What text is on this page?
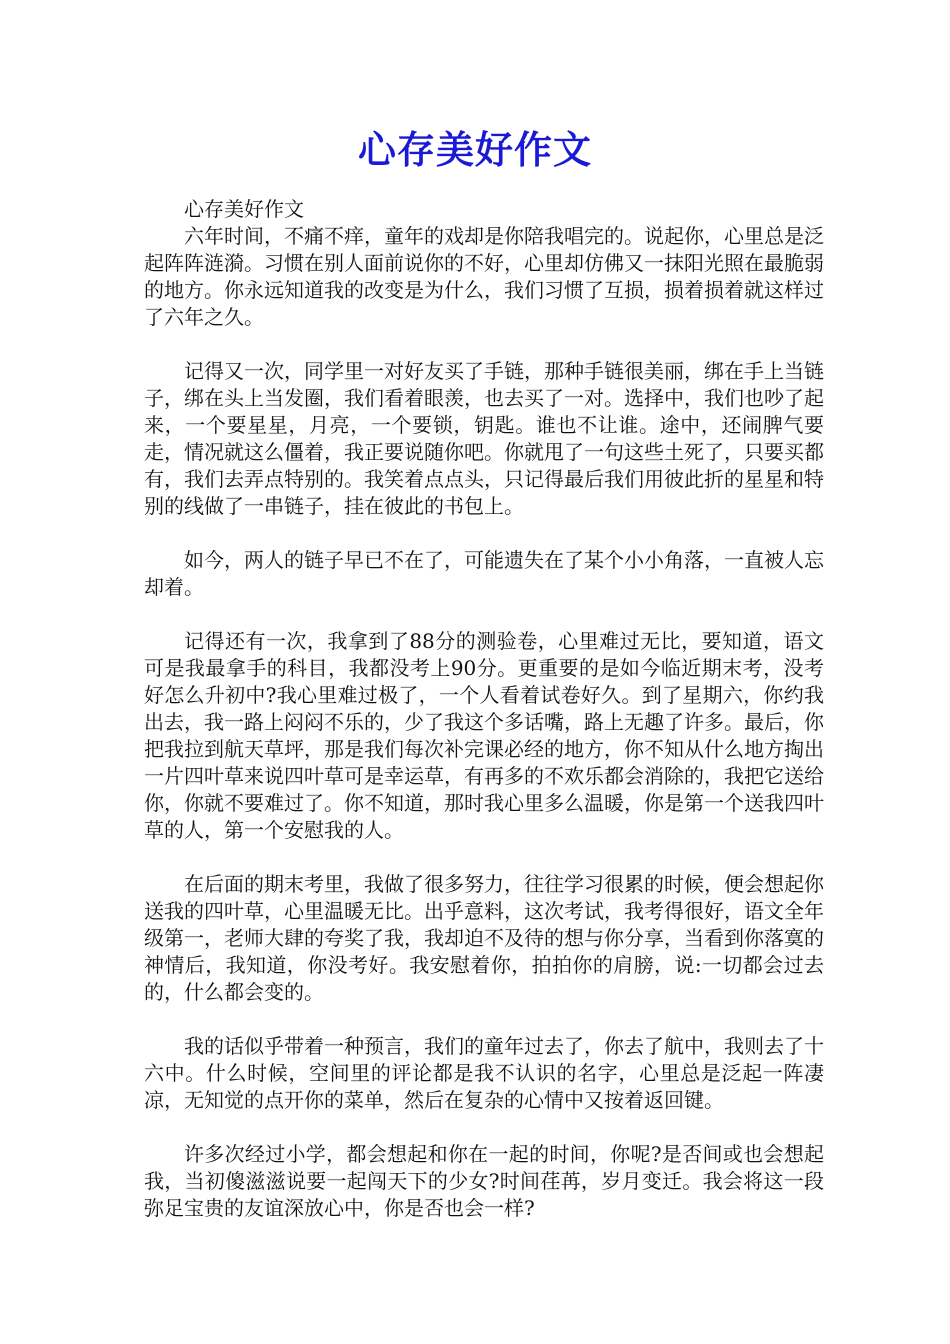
心存美好作文

心存美好作文

六年时间，不痛不痒，童年的戏却是你陪我唱完的。说起你，心里总是泛起阵阵涟漪。习惯在别人面前说你的不好，心里却仿佛又一抹阳光照在最脆弱的地方。你永远知道我的改变是为什么，我们习惯了互损，损着损着就这样过了六年之久。

记得又一次，同学里一对好友买了手链，那种手链很美丽，绑在手上当链子，绑在头上当发圈，我们看着眼羡，也去买了一对。选择中，我们也吵了起来，一个要星星，月亮，一个要锁，钥匙。谁也不让谁。途中，还闹脾气要走，情况就这么僵着，我正要说随你吧。你就甩了一句这些土死了，只要买都有，我们去弄点特别的。我笑着点点头，只记得最后我们用彼此折的星星和特别的线做了一串链子，挂在彼此的书包上。

如今，两人的链子早已不在了，可能遗失在了某个小小角落，一直被人忘却着。

记得还有一次，我拿到了88分的测验卷，心里难过无比，要知道，语文可是我最拿手的科目，我都没考上90分。更重要的是如今临近期末考，没考好怎么升初中?我心里难过极了，一个人看着试卷好久。到了星期六，你约我出去，我一路上闷闷不乐的，少了我这个多话嘴，路上无趣了许多。最后，你把我拉到航天草坪，那是我们每次补完课必经的地方，你不知从什么地方掏出一片四叶草来说四叶草可是幸运草，有再多的不欢乐都会消除的，我把它送给你，你就不要难过了。你不知道，那时我心里多么温暖，你是第一个送我四叶草的人，第一个安慰我的人。

在后面的期末考里，我做了很多努力，往往学习很累的时候，便会想起你送我的四叶草，心里温暖无比。出乎意料，这次考试，我考得很好，语文全年级第一，老师大肆的夸奖了我，我却迫不及待的想与你分享，当看到你落寞的神情后，我知道，你没考好。我安慰着你，拍拍你的肩膀，说:一切都会过去的，什么都会变的。

我的话似乎带着一种预言，我们的童年过去了，你去了航中，我则去了十六中。什么时候，空间里的评论都是我不认识的名字，心里总是泛起一阵凄凉，无知觉的点开你的菜单，然后在复杂的心情中又按着返回键。

许多次经过小学，都会想起和你在一起的时间，你呢?是否间或也会想起我，当初傻滋滋说要一起闯天下的少女?时间荏苒，岁月变迁。我会将这一段弥足宝贵的友谊深放心中，你是否也会一样?
